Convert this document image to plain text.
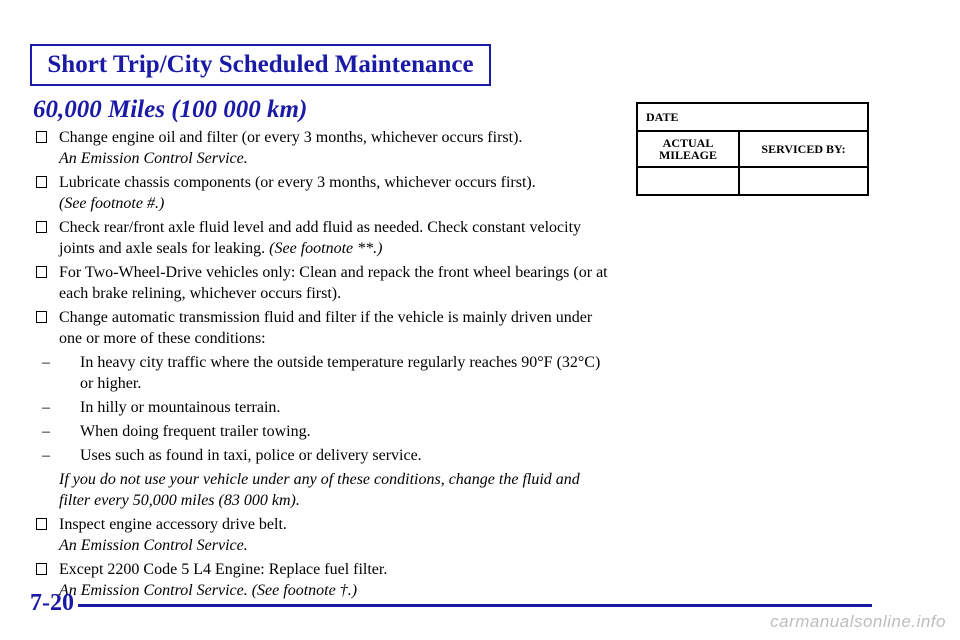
Short Trip/City Scheduled Maintenance
60,000 Miles (100 000 km)
Change engine oil and filter (or every 3 months, whichever occurs first).
An Emission Control Service.
Lubricate chassis components (or every 3 months, whichever occurs first).
(See footnote #.)
Check rear/front axle fluid level and add fluid as needed. Check constant velocity joints and axle seals for leaking. (See footnote **.)
For Two-Wheel-Drive vehicles only: Clean and repack the front wheel bearings (or at each brake relining, whichever occurs first).
Change automatic transmission fluid and filter if the vehicle is mainly driven under one or more of these conditions:
– In heavy city traffic where the outside temperature regularly reaches 90°F (32°C) or higher.
– In hilly or mountainous terrain.
– When doing frequent trailer towing.
– Uses such as found in taxi, police or delivery service.
If you do not use your vehicle under any of these conditions, change the fluid and filter every 50,000 miles (83 000 km).
Inspect engine accessory drive belt.
An Emission Control Service.
Except 2200 Code 5 L4 Engine: Replace fuel filter.
An Emission Control Service. (See footnote †.)
DATE	
ACTUAL
MILEAGE	SERVICED BY:

7-20
carmanualsonline.info
